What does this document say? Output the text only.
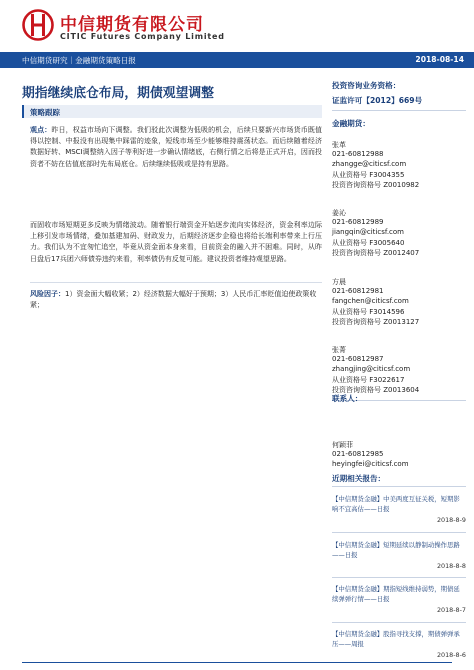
中信期货有限公司
CITIC Futures Company Limited
中信期货研究｜金融期货策略日报	2018-08-14
期指继续底仓布局，期债观望调整
策略跟踪
观点：昨日，权益市场向下调整。我们驳此次调整为低吸的机会，后续只要新兴市场货币既值得以控制、中报没有出现集中踩雷的迹象，短线市场至少能够维持震荡状态。而后续随着经济数据好转、MSCI调整纳入因子等利好进一步确认情绪底，右侧行情之后将是正式开启，因而投资者不妨在估值底部时先布局底仓。后续继续低吸或是持有思路。
而固收市场短期更多反映为情绪波动。随着银行端资金开始逐步流向实体经济，资金利率边际上移引发市场情绪，叠加基建加码、财政发力，后期经济逐步企稳也将给长端利率带来上行压力。我们认为不宜匆忙追空，毕竟从资金面本身来看，目前资金的融入并不困难。同时，从昨日盘后17兵团六师债券违约来看，利率债仍有反复可能。建议投资者维持观望思路。
风险因子：1）资金面大幅收紧；2）经济数据大幅好于预期；3）人民币汇率贬值迫使政策收紧；
投资咨询业务资格：
证监许可【2012】669号
金融期货：
张革
021-60812988
zhangge@citicsf.com
从业资格号 F3004355
投资咨询资格号 Z0010982
姜沁
021-60812989
jiangqin@citicsf.com
从业资格号 F3005640
投资咨询资格号 Z0012407
方晨
021-60812981
fangchen@citicsf.com
从业资格号 F3014596
投资咨询资格号 Z0013127
张菁
021-60812987
zhangjing@citicsf.com
从业资格号 F3022617
投资咨询资格号 Z0013604
联系人：
何颖菲
021-60812985
heyingfei@citicsf.com
近期相关报告：
【中信期货金融】中美两度互征关税，短期影响不宜高估——日报
2018-8-9
【中信期货金融】短期延续以静制动操作思路——日报
2018-8-8
【中信期货金融】期指短线维持弱势，期债延续弹弹行情——日报
2018-8-7
【中信期货金融】股指寻找支撑，期债弹弹承压——周报
2018-8-6
